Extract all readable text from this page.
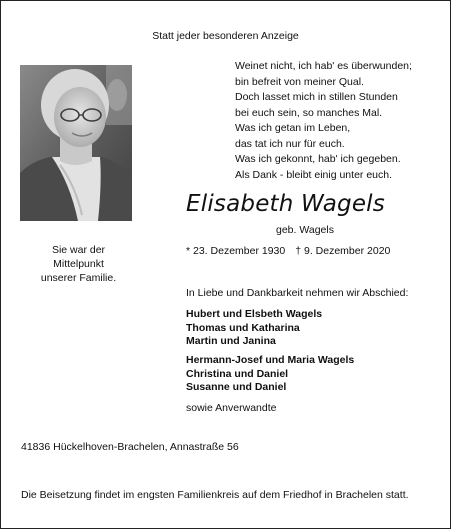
Statt jeder besonderen Anzeige
Weinet nicht, ich hab' es überwunden;
bin befreit von meiner Qual.
Doch lasset mich in stillen Stunden
bei euch sein, so manches Mal.
Was ich getan im Leben,
das tat ich nur für euch.
Was ich gekonnt, hab' ich gegeben.
Als Dank - bleibt einig unter euch.
Elisabeth Wagels
geb. Wagels
* 23. Dezember 1930 † 9. Dezember 2020
Sie war der
Mittelpunkt
unserer Familie.
In Liebe und Dankbarkeit nehmen wir Abschied:
Hubert und Elsbeth Wagels
Thomas und Katharina
Martin und Janina
Hermann-Josef und Maria Wagels
Christina und Daniel
Susanne und Daniel
sowie Anverwandte
41836 Hückelhoven-Brachelen, Annastraße 56
Die Beisetzung findet im engsten Familienkreis auf dem Friedhof in Brachelen statt.
